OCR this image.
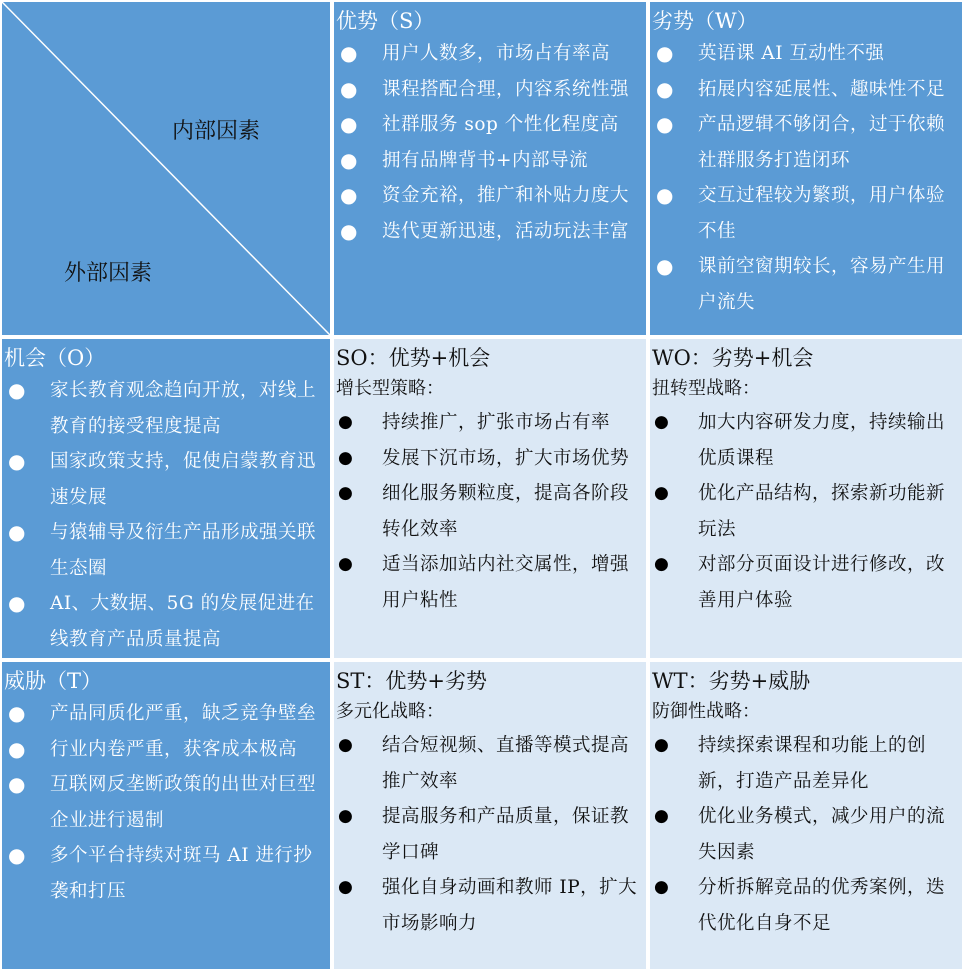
内部因素
外部因素
优势（S）
●
用户人数多，市场占有率高
●
课程搭配合理，内容系统性强
●
社群服务 sop 个性化程度高
●
拥有品牌背书+内部导流
●
资金充裕，推广和补贴力度大
●
迭代更新迅速，活动玩法丰富
劣势（W）
●
英语课 AI 互动性不强
●
拓展内容延展性、趣味性不足
●
产品逻辑不够闭合，过于依赖社群服务打造闭环
●
交互过程较为繁琐，用户体验不佳
●
课前空窗期较长，容易产生用户流失
机会（O）
●
家长教育观念趋向开放，对线上教育的接受程度提高
●
国家政策支持，促使启蒙教育迅速发展
●
与猿辅导及衍生产品形成强关联生态圈
●
AI、大数据、5G 的发展促进在线教育产品质量提高
SO：优势+机会
增长型策略：
●
持续推广，扩张市场占有率
●
发展下沉市场，扩大市场优势
●
细化服务颗粒度，提高各阶段转化效率
●
适当添加站内社交属性，增强用户粘性
WO：劣势+机会
扭转型战略：
●
加大内容研发力度，持续输出优质课程
●
优化产品结构，探索新功能新玩法
●
对部分页面设计进行修改，改善用户体验
威胁（T）
●
产品同质化严重，缺乏竞争壁垒
●
行业内卷严重，获客成本极高
●
互联网反垄断政策的出世对巨型企业进行遏制
●
多个平台持续对斑马 AI 进行抄袭和打压
ST：优势+劣势
多元化战略：
●
结合短视频、直播等模式提高推广效率
●
提高服务和产品质量，保证教学口碑
●
强化自身动画和教师 IP，扩大市场影响力
WT：劣势+威胁
防御性战略：
●
持续探索课程和功能上的创新，打造产品差异化
●
优化业务模式，减少用户的流失因素
●
分析拆解竞品的优秀案例，迭代优化自身不足
